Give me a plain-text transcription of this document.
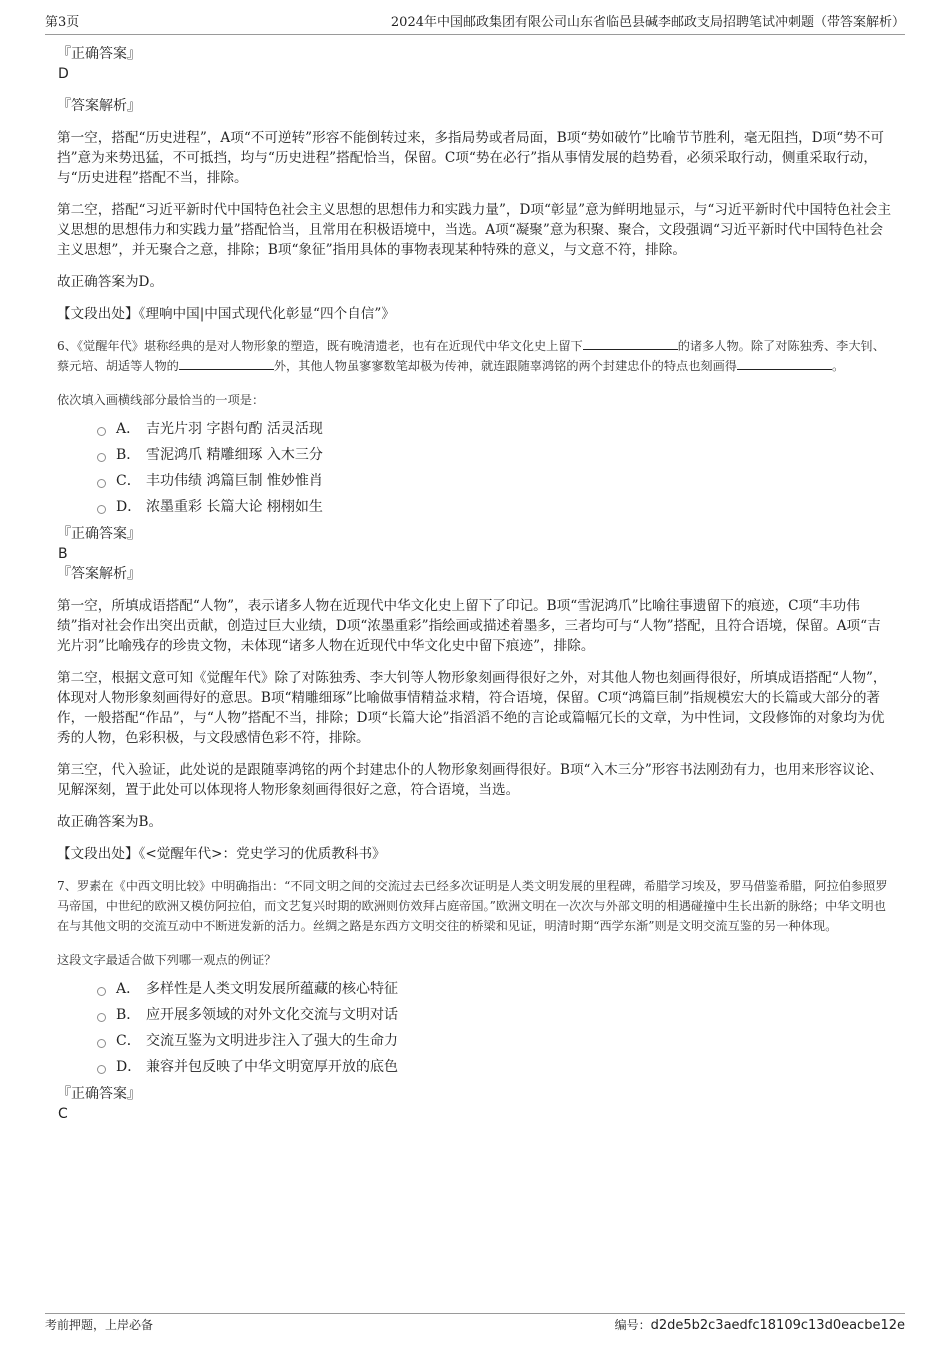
第3页	2024年中国邮政集团有限公司山东省临邑县碱李邮政支局招聘笔试冲刺题（带答案解析）

『正确答案』

D

『答案解析』

第一空，搭配“历史进程”，A项“不可逆转”形容不能倒转过来，多指局势或者局面，B项“势如破竹”比喻节节胜利，毫无阻挡，D项“势不可挡”意为来势迅猛，不可抵挡，均与“历史进程”搭配恰当，保留。C项“势在必行”指从事情发展的趋势看，必须采取行动，侧重采取行动，与“历史进程”搭配不当，排除。

第二空，搭配“习近平新时代中国特色社会主义思想的思想伟力和实践力量”，D项“彰显”意为鲜明地显示，与“习近平新时代中国特色社会主义思想的思想伟力和实践力量”搭配恰当，且常用在积极语境中，当选。A项“凝聚”意为积聚、聚合，文段强调“习近平新时代中国特色社会主义思想”，并无聚合之意，排除；B项“象征”指用具体的事物表现某种特殊的意义，与文意不符，排除。

故正确答案为D。

【文段出处】《理响中国|中国式现代化彰显“四个自信”》

6、《觉醒年代》堪称经典的是对人物形象的塑造，既有晚清遗老，也有在近现代中华文化史上留下	的诸多人物。除了对陈独秀、李大钊、蔡元培、胡适等人物的	外，其他人物虽寥寥数笔却极为传神，就连跟随辜鸿铭的两个封建忠仆的特点也刻画得	。

依次填入画横线部分最恰当的一项是：

A． 吉光片羽 字斟句酌 活灵活现
B． 雪泥鸿爪 精雕细琢 入木三分
C． 丰功伟绩 鸿篇巨制 惟妙惟肖
D． 浓墨重彩 长篇大论 栩栩如生

『正确答案』

B

『答案解析』

第一空，所填成语搭配“人物”，表示诸多人物在近现代中华文化史上留下了印记。B项“雪泥鸿爪”比喻往事遗留下的痕迹，C项“丰功伟绩”指对社会作出突出贡献，创造过巨大业绩，D项“浓墨重彩”指绘画或描述着墨多，三者均可与“人物”搭配，且符合语境，保留。A项“吉光片羽”比喻残存的珍贵文物，未体现“诸多人物在近现代中华文化史中留下痕迹”，排除。

第二空，根据文意可知《觉醒年代》除了对陈独秀、李大钊等人物形象刻画得很好之外，对其他人物也刻画得很好，所填成语搭配“人物”，体现对人物形象刻画得好的意思。B项“精雕细琢”比喻做事情精益求精，符合语境，保留。C项“鸿篇巨制”指规模宏大的长篇或大部分的著作，一般搭配“作品”，与“人物”搭配不当，排除；D项“长篇大论”指滔滔不绝的言论或篇幅冗长的文章，为中性词，文段修饰的对象均为优秀的人物，色彩积极，与文段感情色彩不符，排除。

第三空，代入验证，此处说的是跟随辜鸿铭的两个封建忠仆的人物形象刻画得很好。B项“入木三分”形容书法刚劲有力，也用来形容议论、见解深刻，置于此处可以体现将人物形象刻画得很好之意，符合语境，当选。

故正确答案为B。

【文段出处】《<觉醒年代>：党史学习的优质教科书》

7、罗素在《中西文明比较》中明确指出：“不同文明之间的交流过去已经多次证明是人类文明发展的里程碑，希腊学习埃及，罗马借鉴希腊，阿拉伯参照罗马帝国，中世纪的欧洲又模仿阿拉伯，而文艺复兴时期的欧洲则仿效拜占庭帝国。”欧洲文明在一次次与外部文明的相遇碰撞中生长出新的脉络；中华文明也在与其他文明的交流互动中不断迸发新的活力。丝绸之路是东西方文明交往的桥梁和见证，明清时期“西学东渐”则是文明交流互鉴的另一种体现。

这段文字最适合做下列哪一观点的例证？

A． 多样性是人类文明发展所蕴藏的核心特征
B． 应开展多领域的对外文化交流与文明对话
C． 交流互鉴为文明进步注入了强大的生命力
D． 兼容并包反映了中华文明宽厚开放的底色

『正确答案』

C

考前押题，上岸必备	编号：d2de5b2c3aedfc18109c13d0eacbe12e
